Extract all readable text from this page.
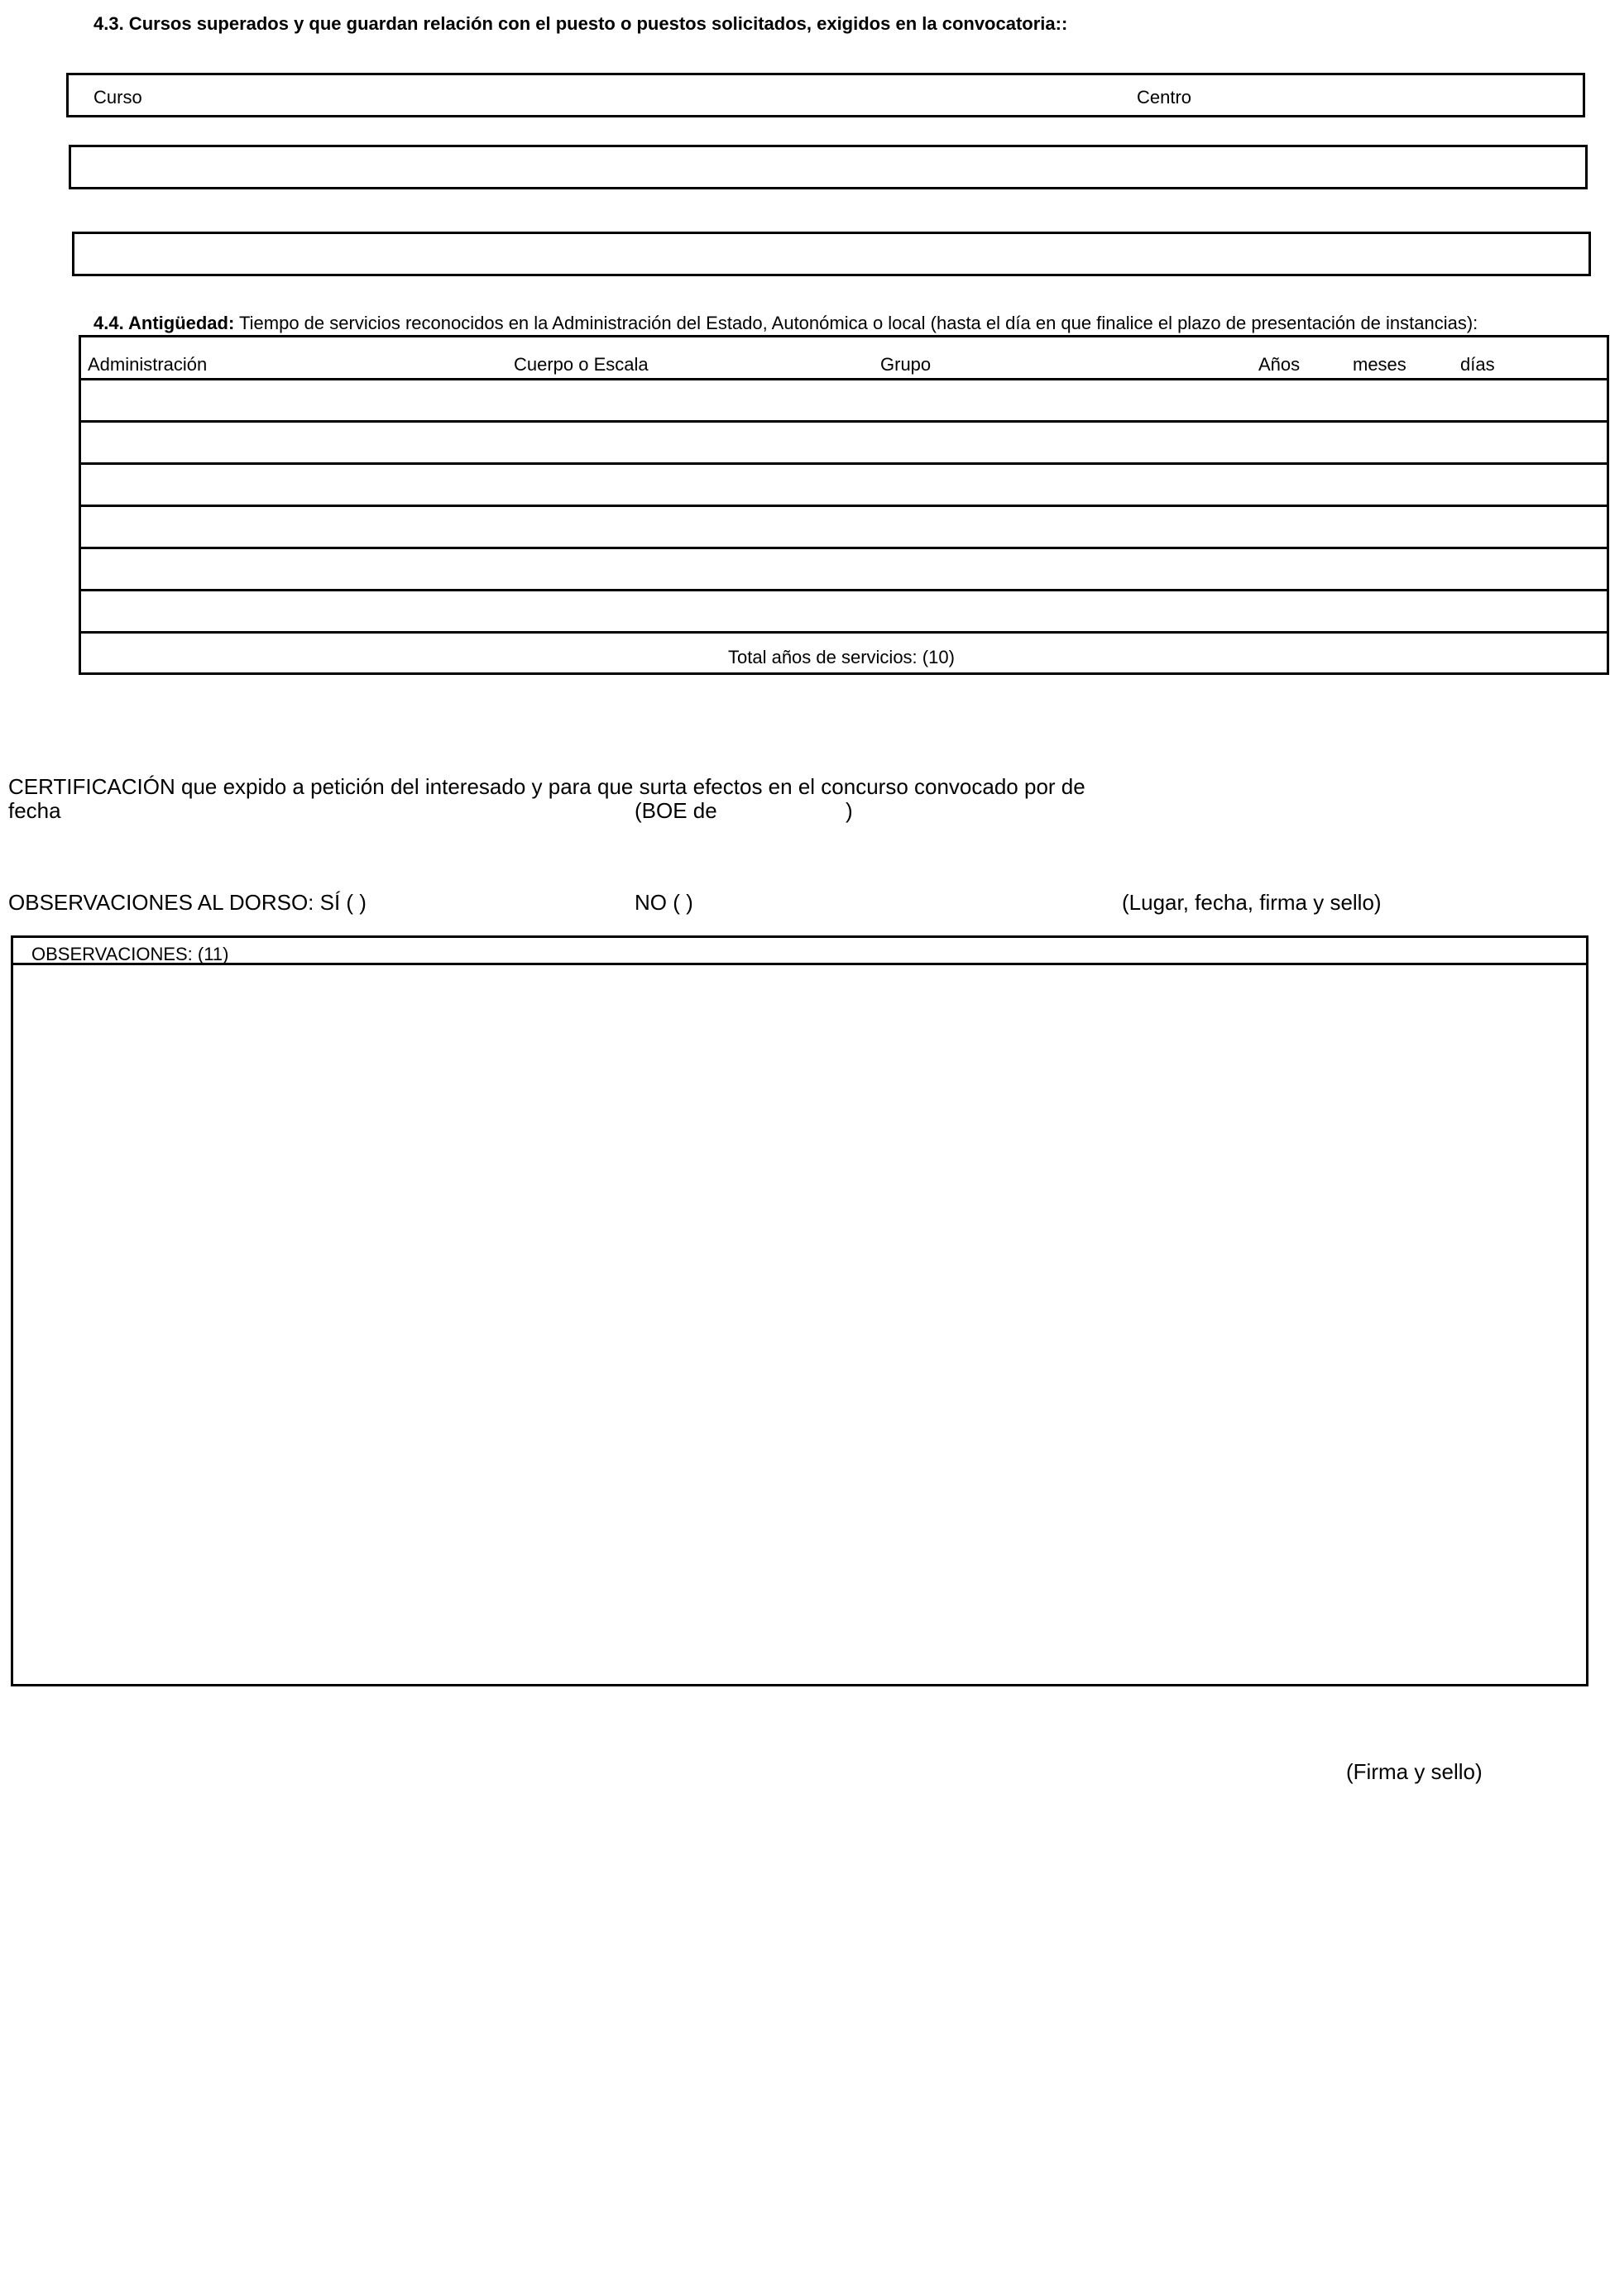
4.3. Cursos superados y que guardan relación con el puesto o puestos solicitados, exigidos en la convocatoria::
Curso	Centro
4.4. Antigüedad: Tiempo de servicios reconocidos en la Administración del Estado, Autonómica o local (hasta el día en que finalice el plazo de presentación de instancias):
Administración	Cuerpo o Escala	Grupo	Años	meses	días
Total años de servicios: (10)
CERTIFICACIÓN que expido a petición del interesado y para que surta efectos en el concurso convocado por de
fecha	(BOE de	)
OBSERVACIONES AL DORSO: SÍ ( )	NO ( )	(Lugar, fecha, firma y sello)
OBSERVACIONES: (11)
(Firma y sello)
